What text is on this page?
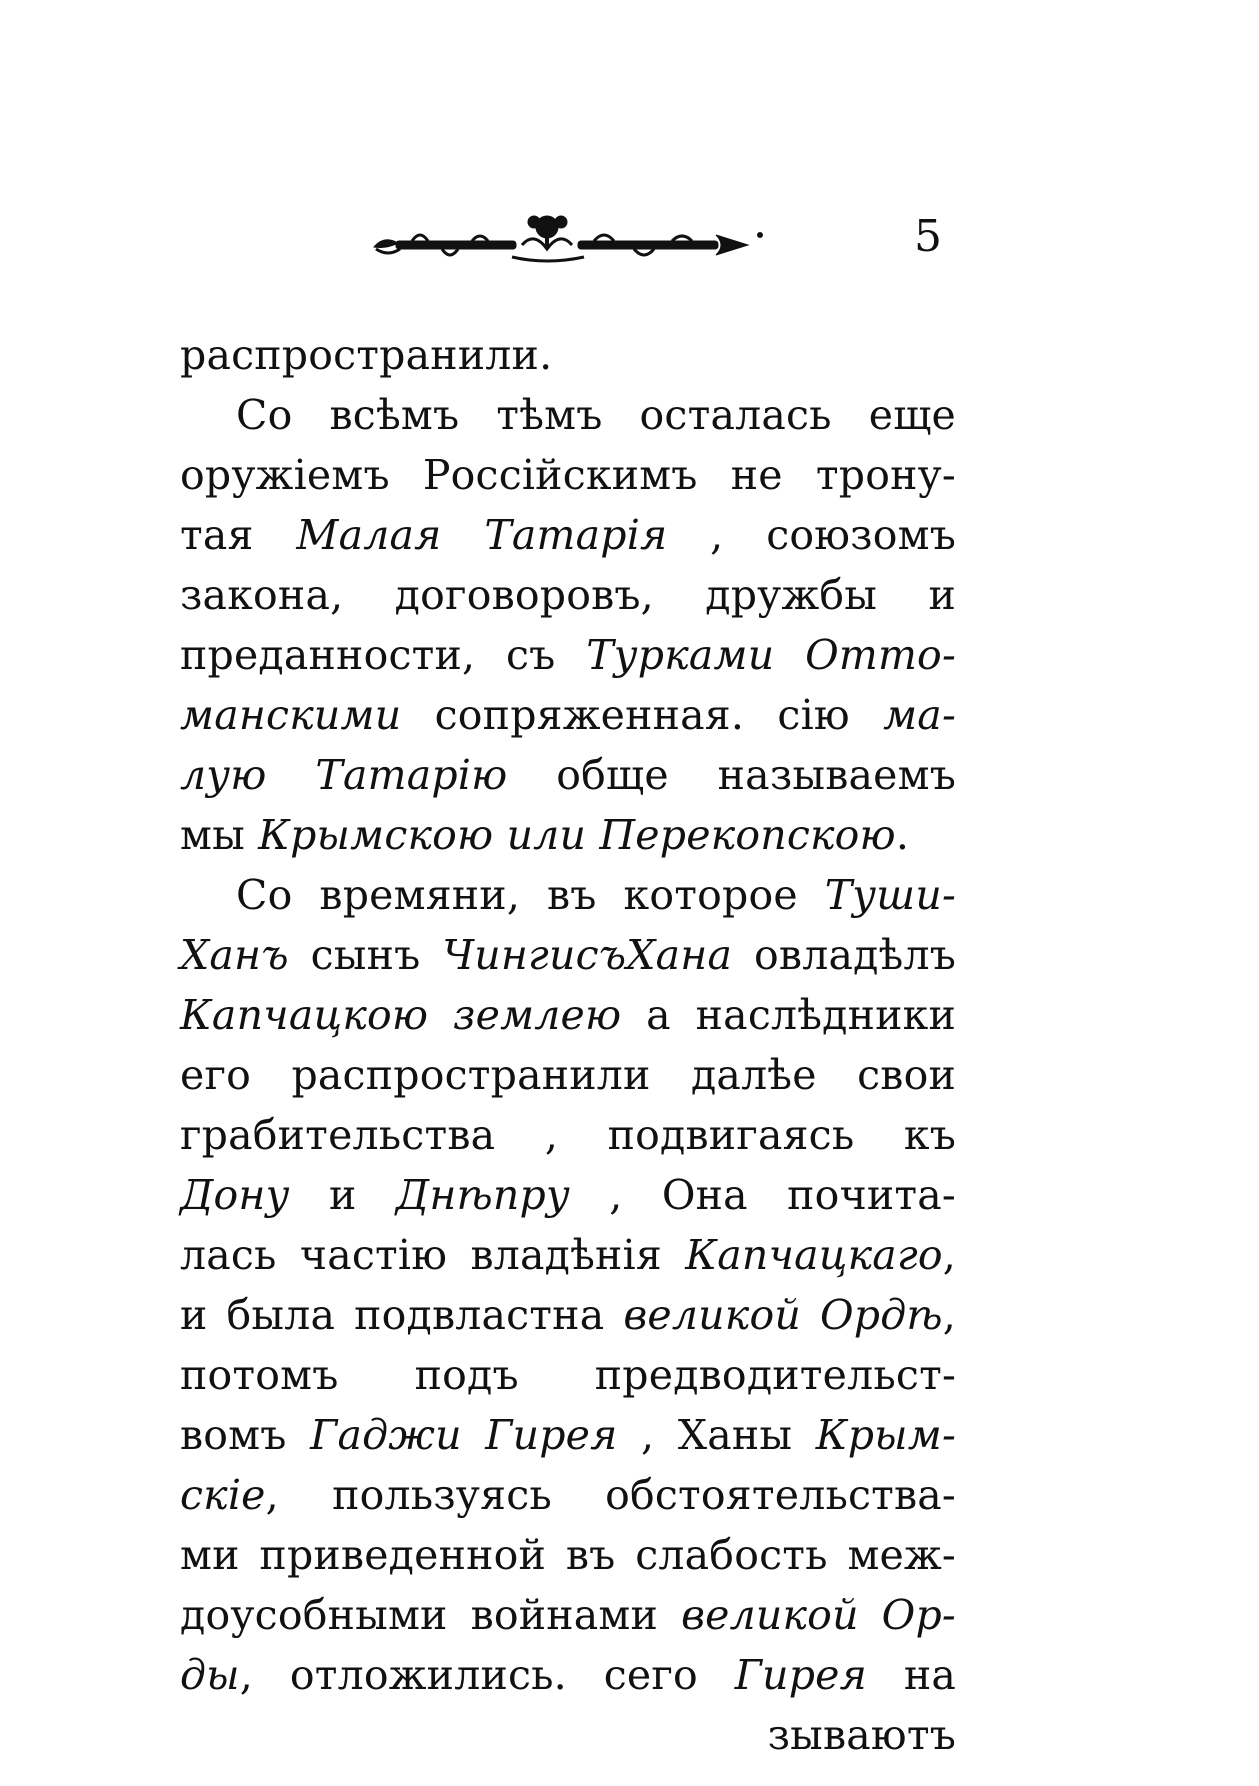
5
распространили.
Со всѣмъ тѣмъ осталась еще
оружіемъ Россійскимъ не трону-
тая Малая Татарія , союзомъ
закона, договоровъ, дружбы и
преданности, съ Турками Отто-
манскими сопряженная. сію ма-
лую Татарію обще называемъ
мы Крымскою или Перекопскою.
Со времяни, въ которое Туши-
Ханъ сынъ ЧингисъХана овладѣлъ
Капчацкою землею а наслѣдники
его распространили далѣе свои
грабительства , подвигаясь къ
Дону и Днѣпру , Она почита-
лась частію владѣнія Капчацкаго,
и была подвластна великой Ордѣ,
потомъ подъ предводительст-
вомъ Гаджи Гирея , Ханы Крым-
скіе, пользуясь обстоятельства-
ми приведенной въ слабость меж-
доусобными войнами великой Ор-
ды, отложились. сего Гирея на
зываютъ
